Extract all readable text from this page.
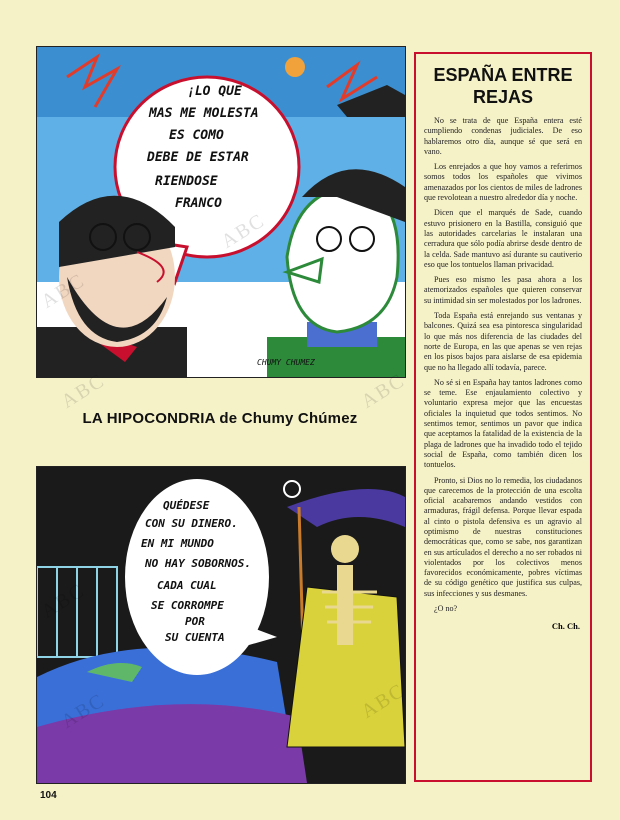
¡LO QUE MAS ME MOLESTA ES COMO DEBE DE ESTAR RIENDOSE FRANCO
CHUMY CHUMEZ
LA HIPOCONDRIA de Chumy Chúmez
QUÉDESE CON SU DINERO. EN MI MUNDO NO HAY SOBORNOS. CADA CUAL SE CORROMPE POR SU CUENTA
ESPAÑA ENTRE REJAS

No se trata de que España entera esté cumpliendo condenas judiciales. De eso hablaremos otro día, aunque sé que será en vano.

Los enrejados a que hoy vamos a referirnos somos todos los españoles que vivimos amenazados por los cientos de miles de ladrones que revolotean a nuestro alrededor día y noche.

Dicen que el marqués de Sade, cuando estuvo prisionero en la Bastilla, consiguió que las autoridades carcelarias le instalaran una cerradura que sólo podía abrirse desde dentro de la celda. Sade mantuvo así durante su cautiverio eso que los tontuelos llaman privacidad.

Pues eso mismo les pasa ahora a los atemorizados españoles que quieren conservar su intimidad sin ser molestados por los ladrones.

Toda España está enrejando sus ventanas y balcones. Quizá sea esa pintoresca singularidad lo que más nos diferencia de las ciudades del norte de Europa, en las que apenas se ven rejas en los pisos bajos para aislarse de esa epidemia que no ha llegado allí todavía, parece.

No sé si en España hay tantos ladrones como se teme. Ese enjaulamiento colectivo y voluntario expresa mejor que las encuestas oficiales la inquietud que todos sentimos. No sentimos temor, sentimos un pavor que indica que aceptamos la fatalidad de la existencia de la plaga de ladrones que ha invadido todo el tejido social de España, como también dicen los tontuelos.

Pronto, si Dios no lo remedia, los ciudadanos que carecemos de la protección de una escolta oficial acabaremos andando vestidos con armaduras, frágil defensa. Porque llevar espada al cinto o pistola defensiva es un agravio al optimismo de nuestras constituciones democráticas que, como se sabe, nos garantizan en sus artículados el derecho a no ser robados ni violentados por los colectivos menos favorecidos económicamente, pobres víctimas de su código genético que justifica sus culpas, sus infecciones y sus desmanes.

¿O no?

Ch. Ch.
104
ABC	ABC
